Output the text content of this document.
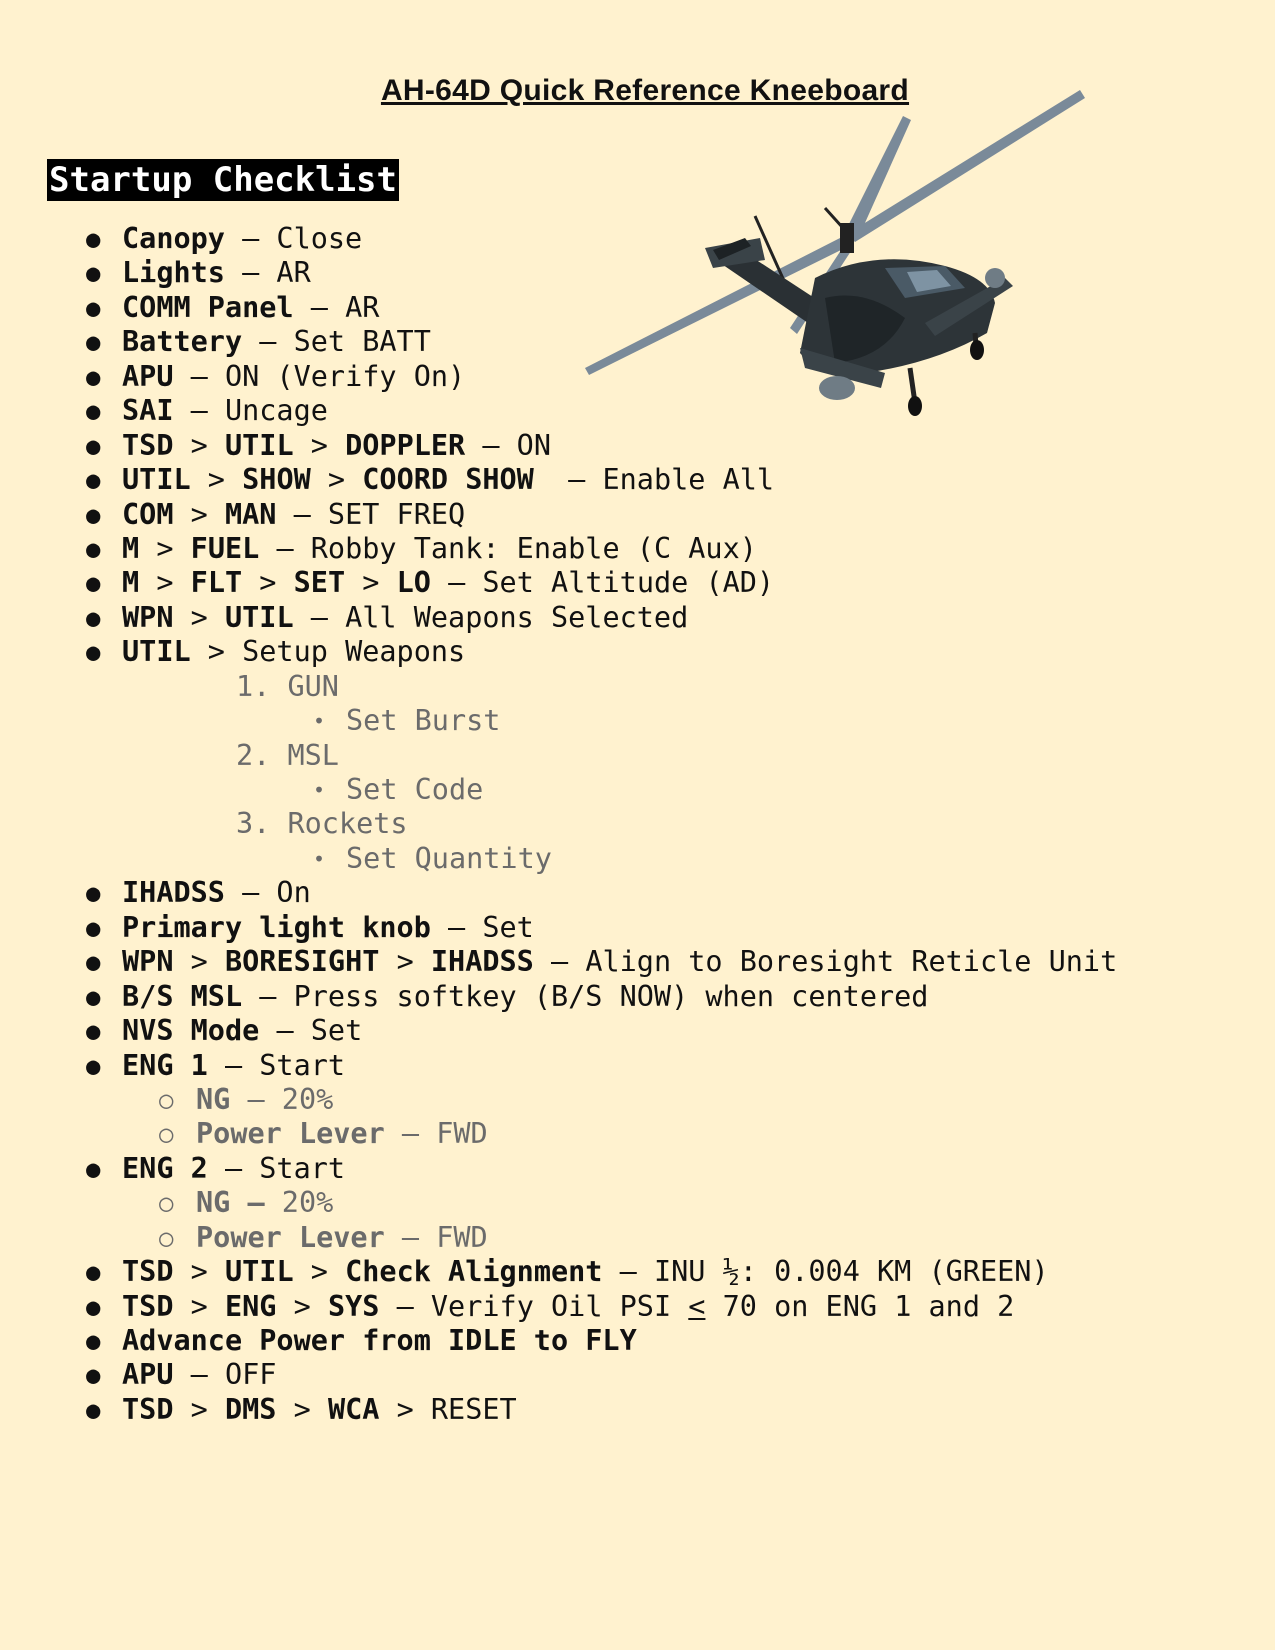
AH-64D Quick Reference Kneeboard
Startup Checklist
● Canopy – Close
● Lights – AR
● COMM Panel – AR
● Battery – Set BATT
● APU – ON (Verify On)
● SAI – Uncage
● TSD > UTIL > DOPPLER – ON
● UTIL > SHOW > COORD SHOW  – Enable All
● COM > MAN – SET FREQ
● M > FUEL – Robby Tank: Enable (C Aux)
● M > FLT > SET > LO – Set Altitude (AD)
● WPN > UTIL – All Weapons Selected
● UTIL > Setup Weapons
1. GUN
• Set Burst
2. MSL
• Set Code
3. Rockets
• Set Quantity
● IHADSS – On
● Primary light knob – Set
● WPN > BORESIGHT > IHADSS – Align to Boresight Reticle Unit
● B/S MSL – Press softkey (B/S NOW) when centered
● NVS Mode – Set
● ENG 1 – Start
○ NG – 20%
○ Power Lever – FWD
● ENG 2 – Start
○ NG – 20%
○ Power Lever – FWD
● TSD > UTIL > Check Alignment – INU ½: 0.004 KM (GREEN)
● TSD > ENG > SYS – Verify Oil PSI < 70 on ENG 1 and 2
● Advance Power from IDLE to FLY
● APU – OFF
● TSD > DMS > WCA > RESET
